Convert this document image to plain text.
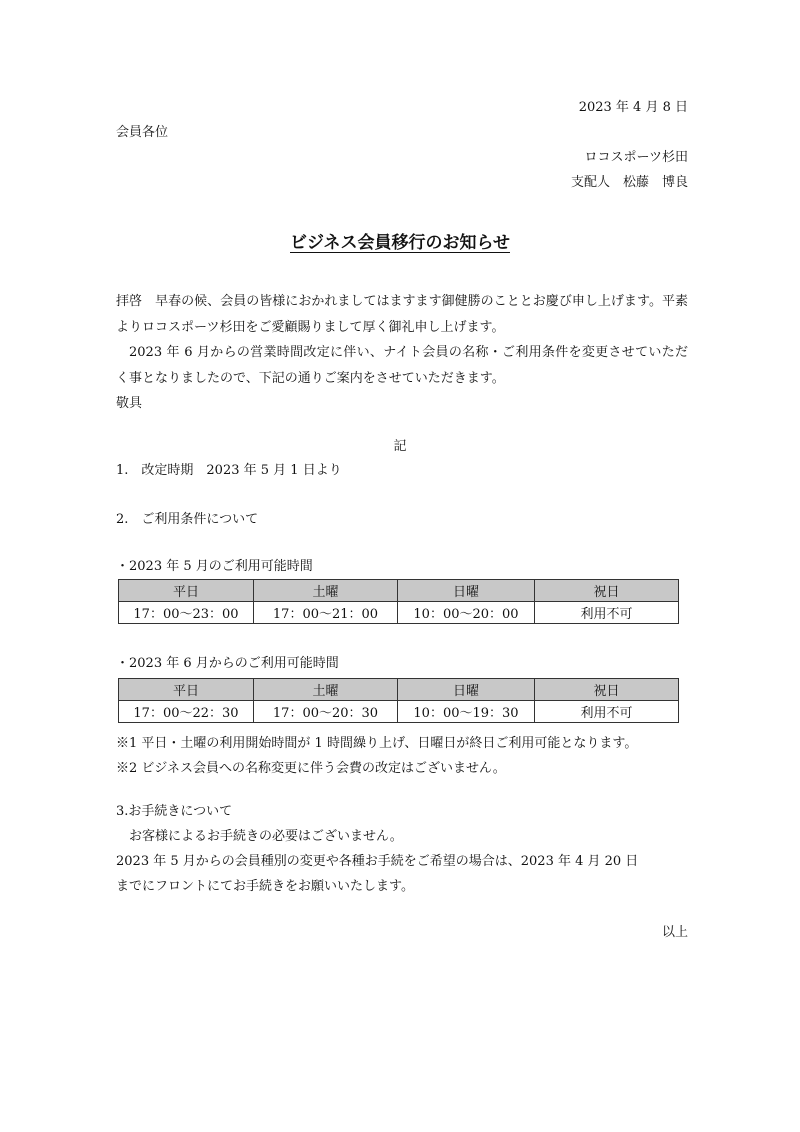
2023 年 4 月 8 日
会員各位
ロコスポーツ杉田
支配人　松藤　博良
ビジネス会員移行のお知らせ

拝啓　早春の候、会員の皆様におかれましてはますます御健勝のこととお慶び申し上げます。平素よりロコスポーツ杉田をご愛顧賜りまして厚く御礼申し上げます。

2023 年 6 月からの営業時間改定に伴い、ナイト会員の名称・ご利用条件を変更させていただく事となりましたので、下記の通りご案内をさせていただきます。

敬具

記
1.　改定時期　2023 年 5 月 1 日より
2.　ご利用条件について
・2023 年 5 月のご利用可能時間
平日	土曜	日曜	祝日
17：00～23：00	17：00～21：00	10：00～20：00	利用不可
・2023 年 6 月からのご利用可能時間
平日	土曜	日曜	祝日
17：00～22：30	17：00～20：30	10：00～19：30	利用不可
※1 平日・土曜の利用開始時間が 1 時間繰り上げ、日曜日が終日ご利用可能となります。
※2 ビジネス会員への名称変更に伴う会費の改定はございません。
3.お手続きについて
お客様によるお手続きの必要はございません。
2023 年 5 月からの会員種別の変更や各種お手続をご希望の場合は、2023 年 4 月 20 日
までにフロントにてお手続きをお願いいたします。
以上
